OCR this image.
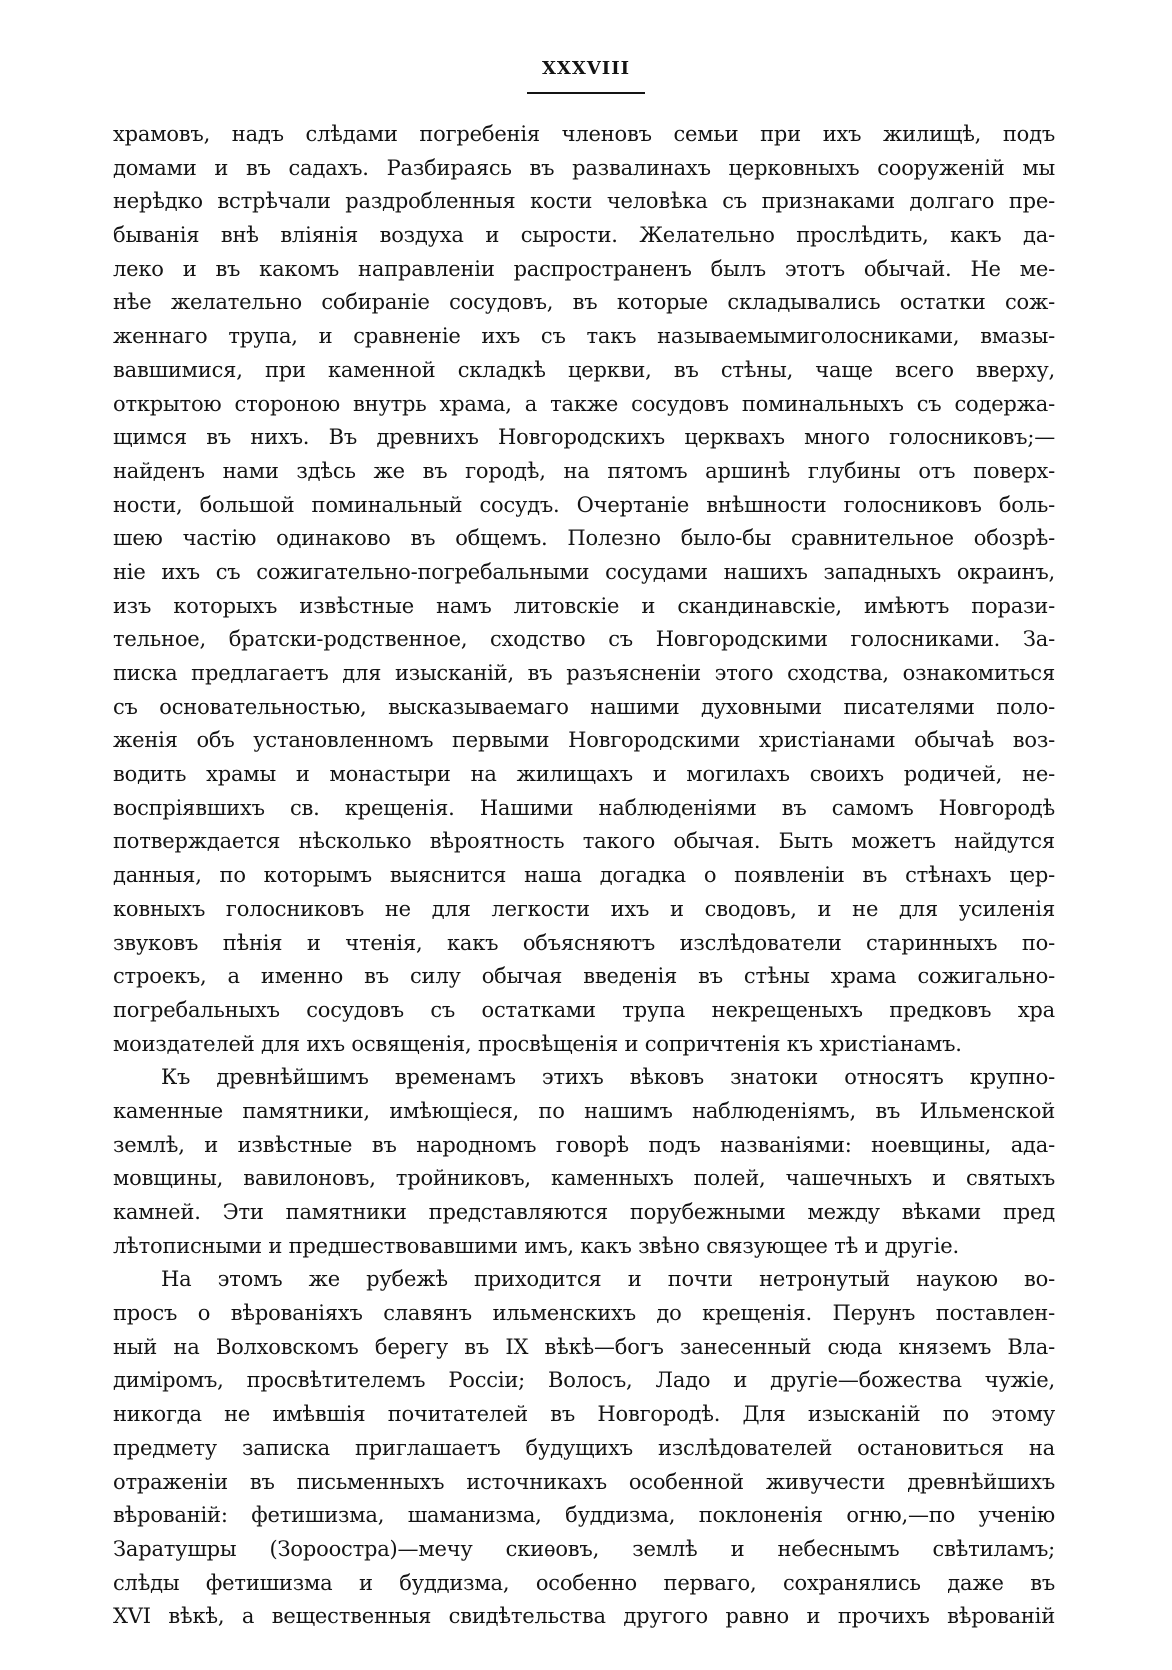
XXXVIII
храмовъ, надъ слѣдами погребенія членовъ семьи при ихъ жилищѣ, подъ
домами и въ садахъ. Разбираясь въ развалинахъ церковныхъ сооруженій мы
нерѣдко встрѣчали раздробленныя кости человѣка съ признаками долгаго пре-
быванія внѣ вліянія воздуха и сырости. Желательно прослѣдить, какъ да-
леко и въ какомъ направленіи распространенъ былъ этотъ обычай. Не ме-
нѣе желательно собираніе сосудовъ, въ которые складывались остатки сож-
женнаго трупа, и сравненіе ихъ съ такъ называемымиголосниками, вмазы-
вавшимися, при каменной складкѣ церкви, въ стѣны, чаще всего вверху,
открытою стороною внутрь храма, а также сосудовъ поминальныхъ съ содержа-
щимся въ нихъ. Въ древнихъ Новгородскихъ церквахъ много голосниковъ;—
найденъ нами здѣсь же въ городѣ, на пятомъ аршинѣ глубины отъ поверх-
ности, большой поминальный сосудъ. Очертаніе внѣшности голосниковъ боль-
шею частію одинаково въ общемъ. Полезно было-бы сравнительное обозрѣ-
ніе ихъ съ сожигательно-погребальными сосудами нашихъ западныхъ окраинъ,
изъ которыхъ извѣстные намъ литовскіе и скандинавскіе, имѣютъ порази-
тельное, братски-родственное, сходство съ Новгородскими голосниками. За-
писка предлагаетъ для изысканій, въ разъясненіи этого сходства, ознакомиться
съ основательностью, высказываемаго нашими духовными писателями поло-
женія объ установленномъ первыми Новгородскими христіанами обычаѣ воз-
водить храмы и монастыри на жилищахъ и могилахъ своихъ родичей, не-
воспріявшихъ св. крещенія. Нашими наблюденіями въ самомъ Новгородѣ
потверждается нѣсколько вѣроятность такого обычая. Быть можетъ найдутся
данныя, по которымъ выяснится наша догадка о появленіи въ стѣнахъ цер-
ковныхъ голосниковъ не для легкости ихъ и сводовъ, и не для усиленія
звуковъ пѣнія и чтенія, какъ объясняютъ изслѣдователи старинныхъ по-
строекъ, а именно въ силу обычая введенія въ стѣны храма сожигально-
погребальныхъ сосудовъ съ остатками трупа некрещеныхъ предковъ хра
моиздателей для ихъ освященія, просвѣщенія и сопричтенія къ христіанамъ.
Къ древнѣйшимъ временамъ этихъ вѣковъ знатоки относятъ крупно-
каменные памятники, имѣющіеся, по нашимъ наблюденіямъ, въ Ильменской
землѣ, и извѣстные въ народномъ говорѣ подъ названіями: ноевщины, ада-
мовщины, вавилоновъ, тройниковъ, каменныхъ полей, чашечныхъ и святыхъ
камней. Эти памятники представляются порубежными между вѣками пред
лѣтописными и предшествовавшими имъ, какъ звѣно связующее тѣ и другіе.
На этомъ же рубежѣ приходится и почти нетронутый наукою во-
просъ о вѣрованіяхъ славянъ ильменскихъ до крещенія. Перунъ поставлен-
ный на Волховскомъ берегу въ IX вѣкѣ—богъ занесенный сюда княземъ Вла-
диміромъ, просвѣтителемъ Россіи; Волосъ, Ладо и другіе—божества чужіе,
никогда не имѣвшія почитателей въ Новгородѣ. Для изысканій по этому
предмету записка приглашаетъ будущихъ изслѣдователей остановиться на
отраженіи въ письменныхъ источникахъ особенной живучести древнѣйшихъ
вѣрованій: фетишизма, шаманизма, буддизма, поклоненія огню,—по ученію
Заратушры (Зороостра)—мечу скиѳовъ, землѣ и небеснымъ свѣтиламъ;
слѣды фетишизма и буддизма, особенно перваго, сохранялись даже въ
XVI вѣкѣ, а вещественныя свидѣтельства другого равно и прочихъ вѣрованій
